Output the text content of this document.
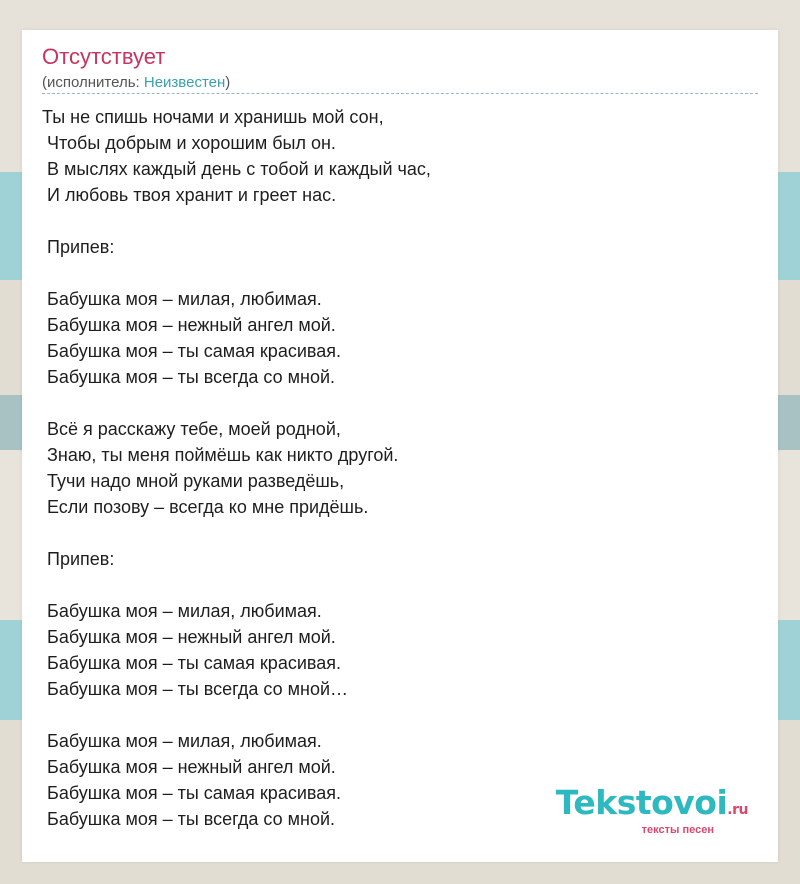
Отсутствует
(исполнитель: Неизвестен)
Ты не спишь ночами и хранишь мой сон,
Чтобы добрым и хорошим был он.
В мыслях каждый день с тобой и каждый час,
И любовь твоя хранит и греет нас.
Припев:
Бабушка моя – милая, любимая.
Бабушка моя – нежный ангел мой.
Бабушка моя – ты самая красивая.
Бабушка моя – ты всегда со мной.
Всё я расскажу тебе, моей родной,
Знаю, ты меня поймёшь как никто другой.
Тучи надо мной руками разведёшь,
Если позову – всегда ко мне придёшь.
Припев:
Бабушка моя – милая, любимая.
Бабушка моя – нежный ангел мой.
Бабушка моя – ты самая красивая.
Бабушка моя – ты всегда со мной…
Бабушка моя – милая, любимая.
Бабушка моя – нежный ангел мой.
Бабушка моя – ты самая красивая.
Бабушка моя – ты всегда со мной.	Tekstovoi.ru
тексты песен
